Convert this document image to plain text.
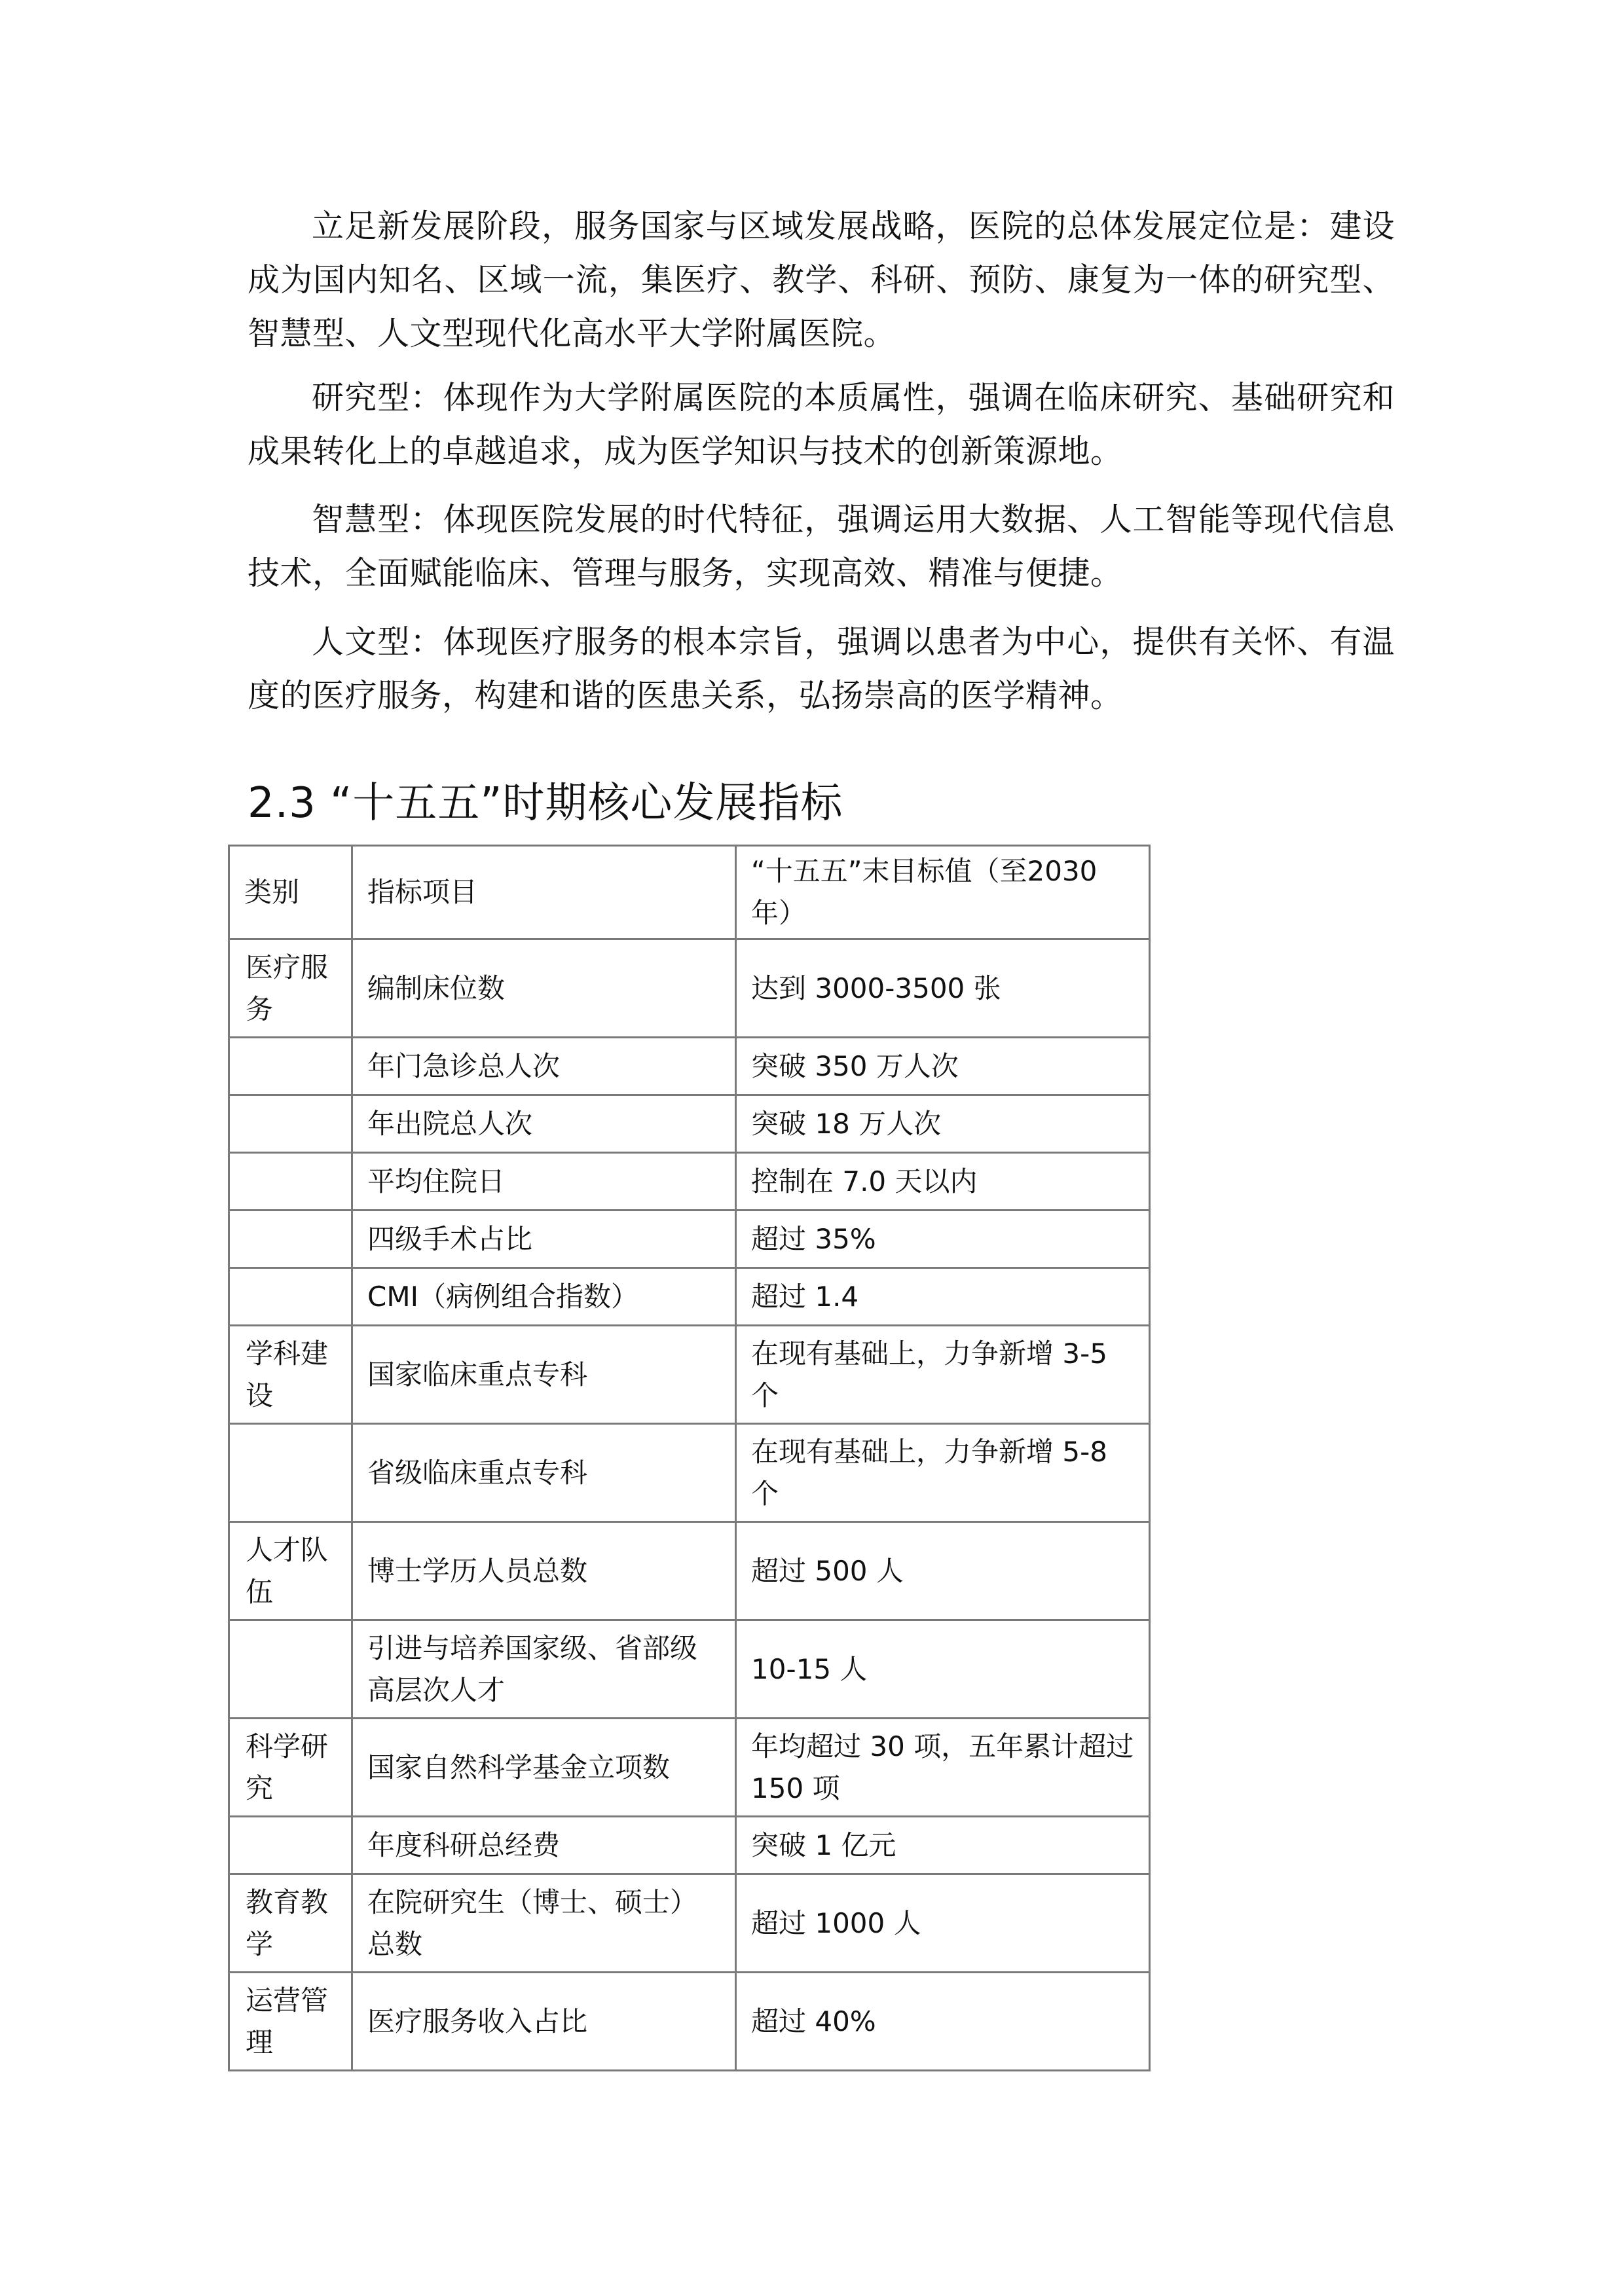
立足新发展阶段，服务国家与区域发展战略，医院的总体发展定位是：建设成为国内知名、区域一流，集医疗、教学、科研、预防、康复为一体的研究型、智慧型、人文型现代化高水平大学附属医院。

研究型：体现作为大学附属医院的本质属性，强调在临床研究、基础研究和成果转化上的卓越追求，成为医学知识与技术的创新策源地。

智慧型：体现医院发展的时代特征，强调运用大数据、人工智能等现代信息技术，全面赋能临床、管理与服务，实现高效、精准与便捷。

人文型：体现医疗服务的根本宗旨，强调以患者为中心，提供有关怀、有温度的医疗服务，构建和谐的医患关系，弘扬崇高的医学精神。

2.3 “十五五”时期核心发展指标
类别	指标项目	“十五五”末目标值（至2030年）
医疗服务	编制床位数	达到 3000-3500 张
	年门急诊总人次	突破 350 万人次
	年出院总人次	突破 18 万人次
	平均住院日	控制在 7.0 天以内
	四级手术占比	超过 35%
	CMI（病例组合指数）	超过 1.4
学科建设	国家临床重点专科	在现有基础上，力争新增 3-5 个
	省级临床重点专科	在现有基础上，力争新增 5-8 个
人才队伍	博士学历人员总数	超过 500 人
	引进与培养国家级、省部级高层次人才	10-15 人
科学研究	国家自然科学基金立项数	年均超过 30 项，五年累计超过 150 项
	年度科研总经费	突破 1 亿元
教育教学	在院研究生（博士、硕士）总数	超过 1000 人
运营管理	医疗服务收入占比	超过 40%
